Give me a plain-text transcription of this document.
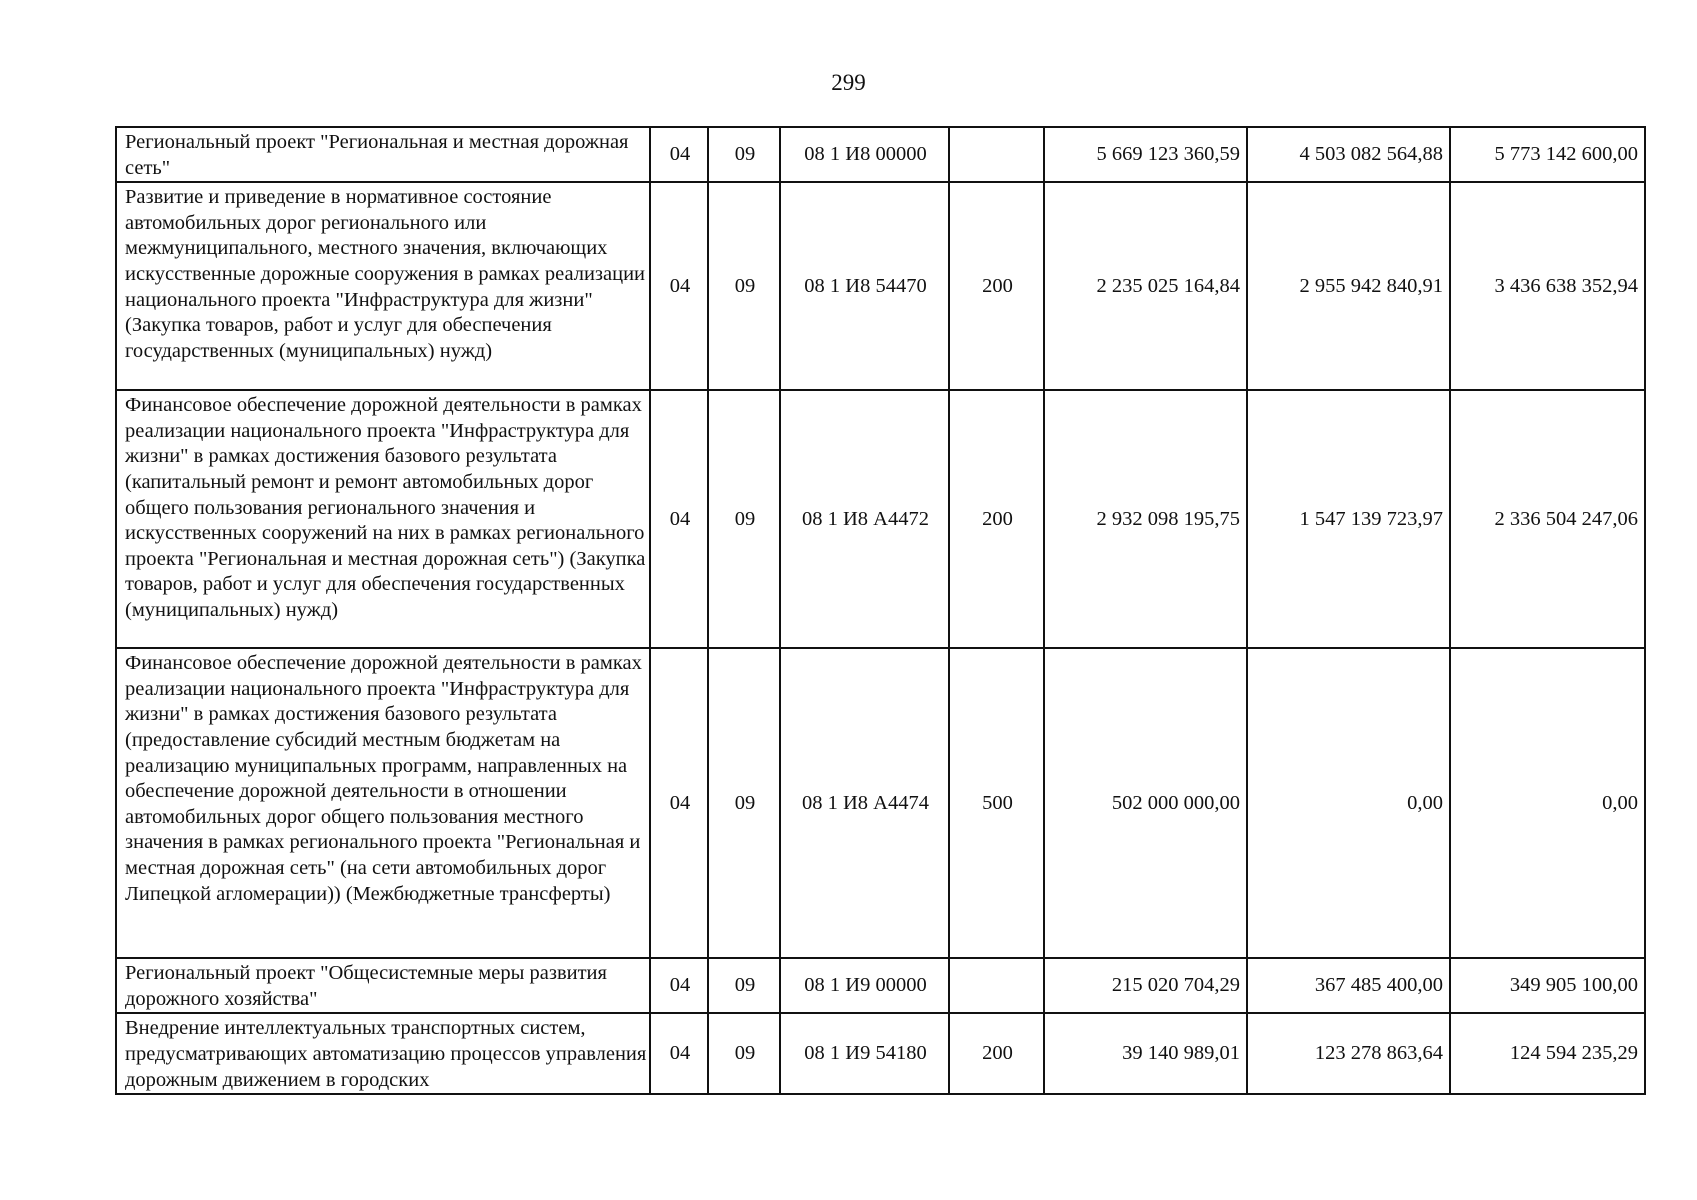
299
Региональный проект "Региональная и местная дорожная сеть"	04	09	08 1 И8 00000		5 669 123 360,59	4 503 082 564,88	5 773 142 600,00
Развитие и приведение в нормативное состояние автомобильных дорог регионального или межмуниципального, местного значения, включающих искусственные дорожные сооружения в рамках реализации национального проекта "Инфраструктура для жизни" (Закупка товаров, работ и услуг для обеспечения государственных (муниципальных) нужд)	04	09	08 1 И8 54470	200	2 235 025 164,84	2 955 942 840,91	3 436 638 352,94
Финансовое обеспечение дорожной деятельности в рамках реализации национального проекта "Инфраструктура для жизни" в рамках достижения базового результата (капитальный ремонт и ремонт автомобильных дорог общего пользования регионального значения и искусственных сооружений на них в рамках регионального проекта "Региональная и местная дорожная сеть") (Закупка товаров, работ и услуг для обеспечения государственных (муниципальных) нужд)	04	09	08 1 И8 А4472	200	2 932 098 195,75	1 547 139 723,97	2 336 504 247,06
Финансовое обеспечение дорожной деятельности в рамках реализации национального проекта "Инфраструктура для жизни" в рамках достижения базового результата (предоставление субсидий местным бюджетам на реализацию муниципальных программ, направленных на обеспечение дорожной деятельности в отношении автомобильных дорог общего пользования местного значения в рамках регионального проекта "Региональная и местная дорожная сеть" (на сети автомобильных дорог Липецкой агломерации)) (Межбюджетные трансферты)	04	09	08 1 И8 А4474	500	502 000 000,00	0,00	0,00
Региональный проект "Общесистемные меры развития дорожного хозяйства"	04	09	08 1 И9 00000		215 020 704,29	367 485 400,00	349 905 100,00
Внедрение интеллектуальных транспортных систем, предусматривающих автоматизацию процессов управления дорожным движением в городских	04	09	08 1 И9 54180	200	39 140 989,01	123 278 863,64	124 594 235,29
